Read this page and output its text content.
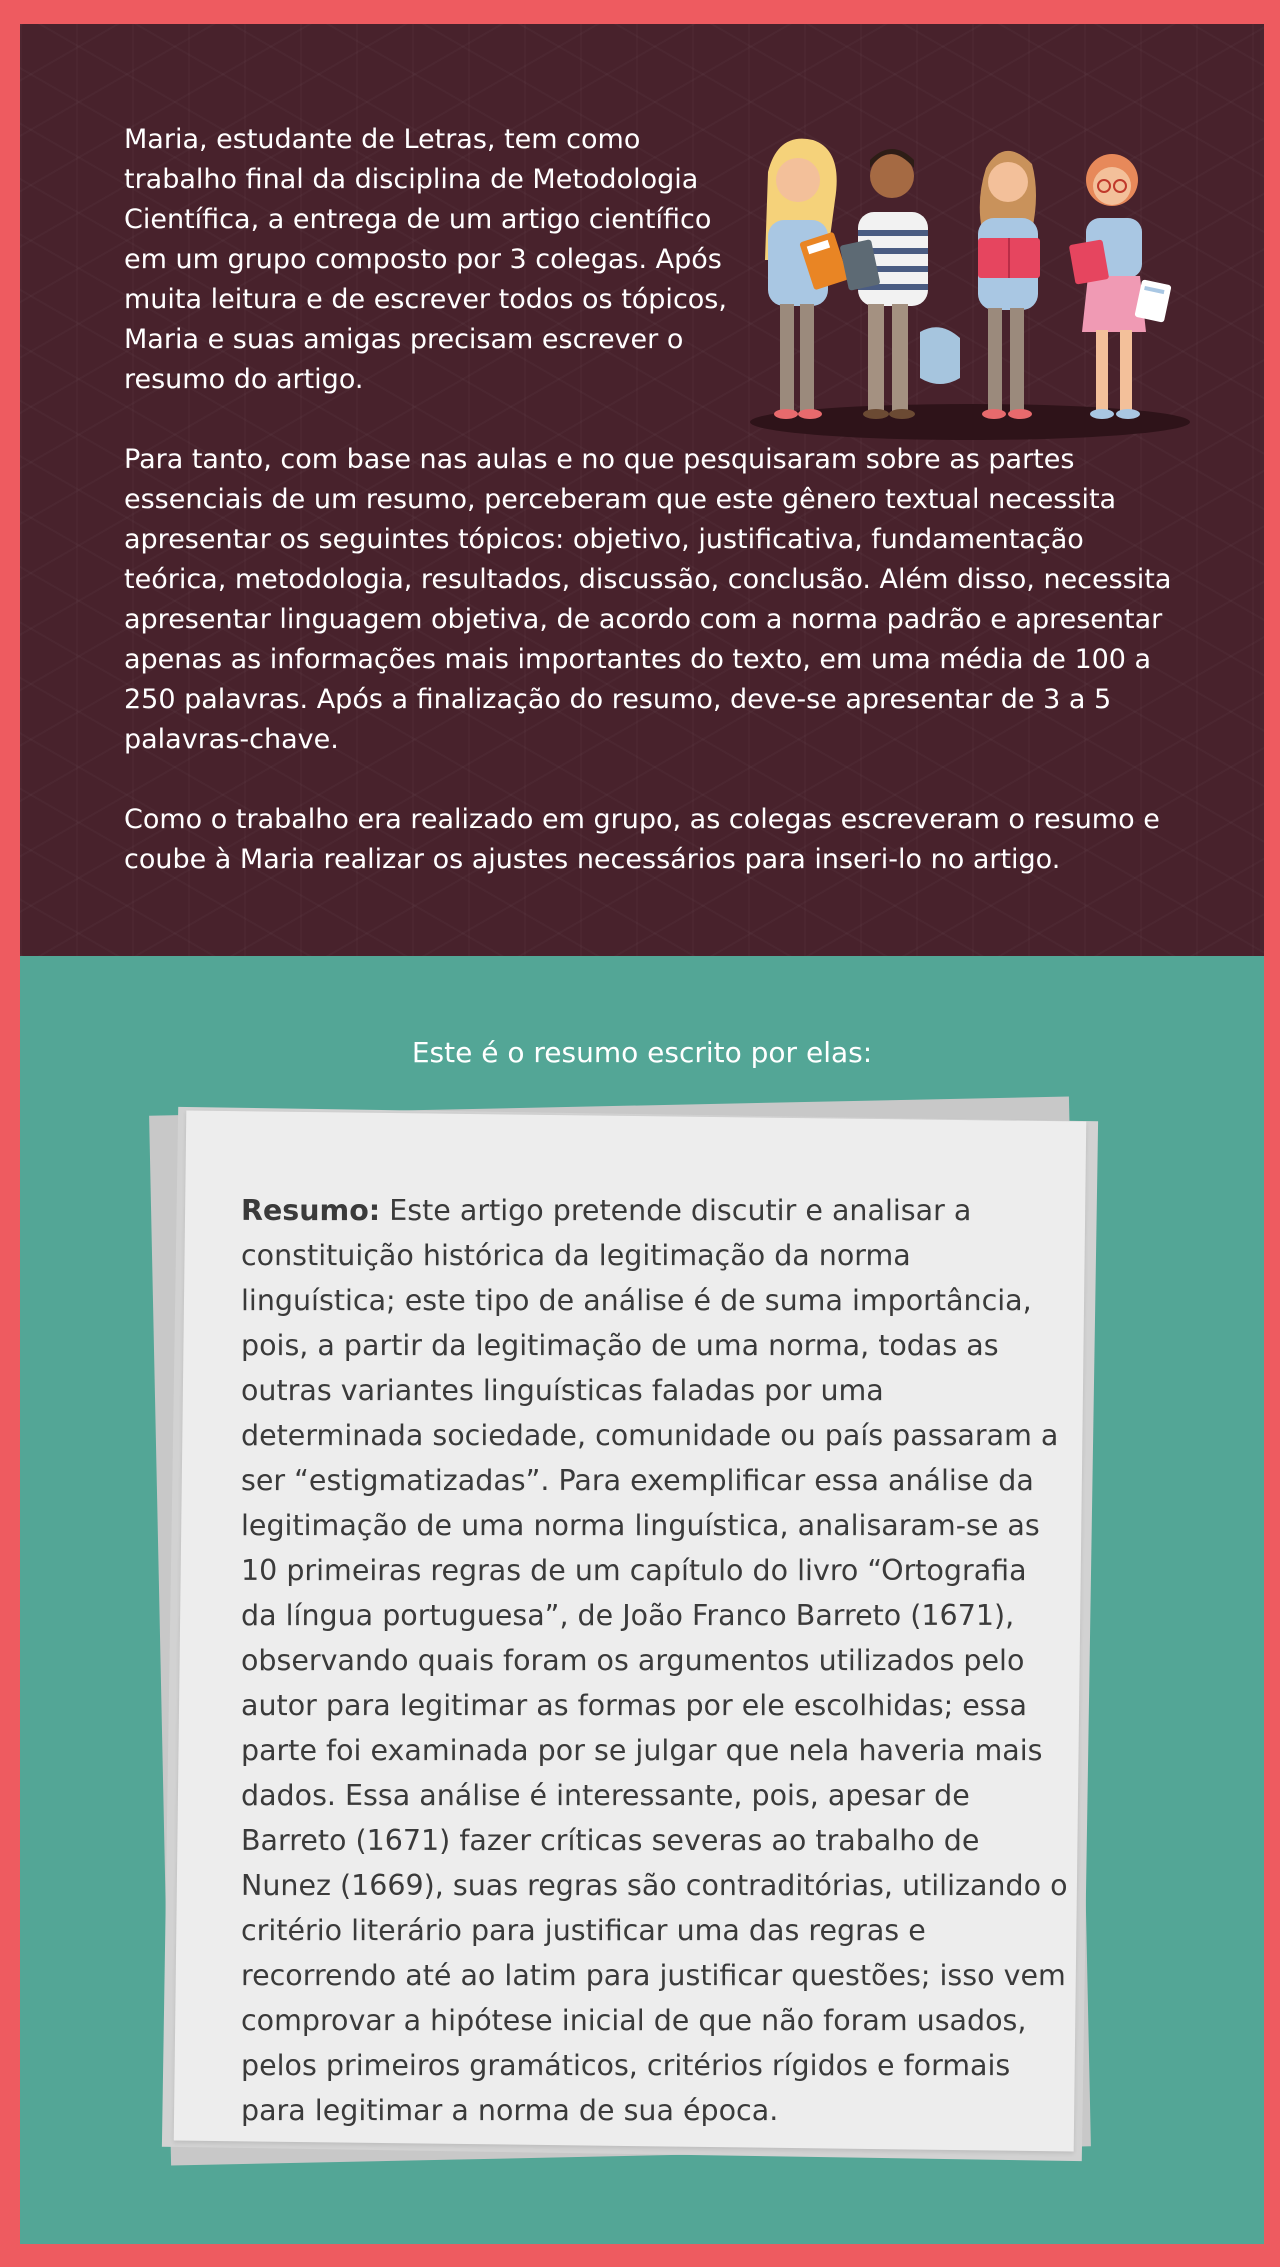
Maria, estudante de Letras, tem como trabalho final da disciplina de Metodologia Científica, a entrega de um artigo científico em um grupo composto por 3 colegas. Após muita leitura e de escrever todos os tópicos, Maria e suas amigas precisam escrever o resumo do artigo.

Para tanto, com base nas aulas e no que pesquisaram sobre as partes essenciais de um resumo, perceberam que este gênero textual necessita apresentar os seguintes tópicos: objetivo, justificativa, fundamentação teórica, metodologia, resultados, discussão, conclusão. Além disso, necessita apresentar linguagem objetiva, de acordo com a norma padrão e apresentar apenas as informações mais importantes do texto, em uma média de 100 a 250 palavras. Após a finalização do resumo, deve-se apresentar de 3 a 5 palavras-chave.

Como o trabalho era realizado em grupo, as colegas escreveram o resumo e coube à Maria realizar os ajustes necessários para inseri-lo no artigo.

Este é o resumo escrito por elas:

Resumo: Este artigo pretende discutir e analisar a constituição histórica da legitimação da norma linguística; este tipo de análise é de suma importância, pois, a partir da legitimação de uma norma, todas as outras variantes linguísticas faladas por uma determinada sociedade, comunidade ou país passaram a ser “estigmatizadas”. Para exemplificar essa análise da legitimação de uma norma linguística, analisaram-se as 10 primeiras regras de um capítulo do livro “Ortografia da língua portuguesa”, de João Franco Barreto (1671), observando quais foram os argumentos utilizados pelo autor para legitimar as formas por ele escolhidas; essa parte foi examinada por se julgar que nela haveria mais dados. Essa análise é interessante, pois, apesar de Barreto (1671) fazer críticas severas ao trabalho de Nunez (1669), suas regras são contraditórias, utilizando o critério literário para justificar uma das regras e recorrendo até ao latim para justificar questões; isso vem comprovar a hipótese inicial de que não foram usados, pelos primeiros gramáticos, critérios rígidos e formais para legitimar a norma de sua época.
